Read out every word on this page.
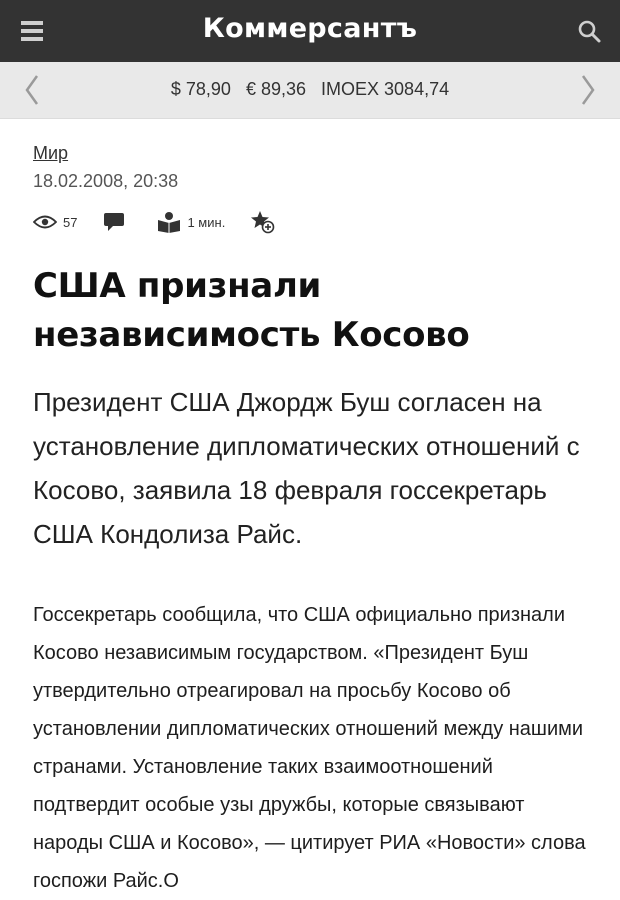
Коммерсантъ
$ 78,90 € 89,36 IMOEX 3084,74
Мир
18.02.2008, 20:38
57	1 мин.
США признали независимость Косово

Президент США Джордж Буш согласен на установление дипломатических отношений с Косово, заявила 18 февраля госсекретарь США Кондолиза Райс.

Госсекретарь сообщила, что США официально признали Косово независимым государством. «Президент Буш утвердительно отреагировал на просьбу Косово об установлении дипломатических отношений между нашими странами. Установление таких взаимоотношений подтвердит особые узы дружбы, которые связывают народы США и Косово», — цитирует РИА «Новости» слова госпожи Райс.О
